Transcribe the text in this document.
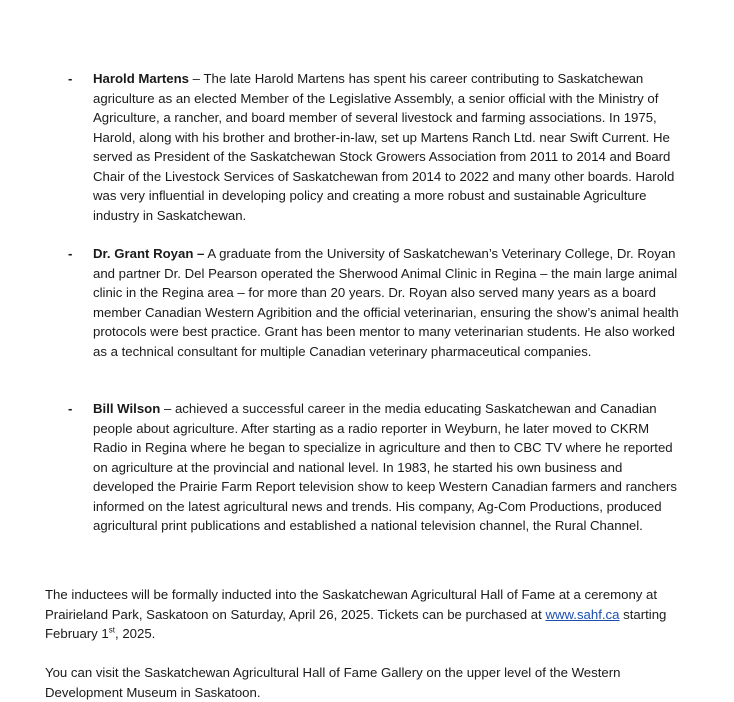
- Harold Martens – The late Harold Martens has spent his career contributing to Saskatchewan agriculture as an elected Member of the Legislative Assembly, a senior official with the Ministry of Agriculture, a rancher, and board member of several livestock and farming associations. In 1975, Harold, along with his brother and brother-in-law, set up Martens Ranch Ltd. near Swift Current. He served as President of the Saskatchewan Stock Growers Association from 2011 to 2014 and Board Chair of the Livestock Services of Saskatchewan from 2014 to 2022 and many other boards. Harold was very influential in developing policy and creating a more robust and sustainable Agriculture industry in Saskatchewan.
- Dr. Grant Royan – A graduate from the University of Saskatchewan’s Veterinary College, Dr. Royan and partner Dr. Del Pearson operated the Sherwood Animal Clinic in Regina – the main large animal clinic in the Regina area – for more than 20 years. Dr. Royan also served many years as a board member Canadian Western Agribition and the official veterinarian, ensuring the show’s animal health protocols were best practice. Grant has been mentor to many veterinarian students. He also worked as a technical consultant for multiple Canadian veterinary pharmaceutical companies.
- Bill Wilson – achieved a successful career in the media educating Saskatchewan and Canadian people about agriculture. After starting as a radio reporter in Weyburn, he later moved to CKRM Radio in Regina where he began to specialize in agriculture and then to CBC TV where he reported on agriculture at the provincial and national level. In 1983, he started his own business and developed the Prairie Farm Report television show to keep Western Canadian farmers and ranchers informed on the latest agricultural news and trends. His company, Ag-Com Productions, produced agricultural print publications and established a national television channel, the Rural Channel.

The inductees will be formally inducted into the Saskatchewan Agricultural Hall of Fame at a ceremony at Prairieland Park, Saskatoon on Saturday, April 26, 2025. Tickets can be purchased at www.sahf.ca starting February 1st, 2025.

You can visit the Saskatchewan Agricultural Hall of Fame Gallery on the upper level of the Western Development Museum in Saskatoon.
